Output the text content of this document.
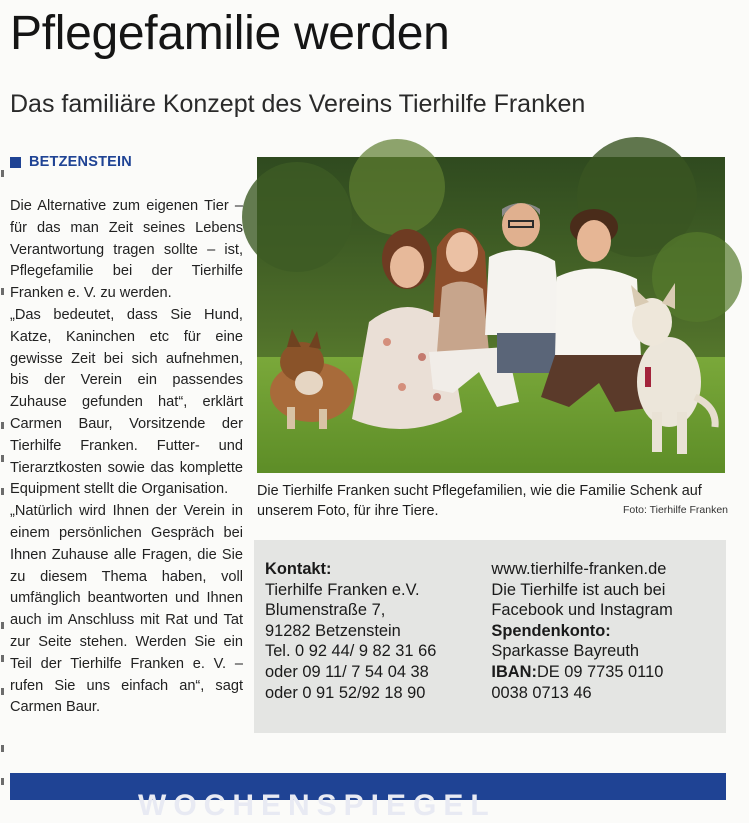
Pflegefamilie werden
Das familiäre Konzept des Vereins Tierhilfe Franken
BETZENSTEIN

Die Alternative zum eigenen Tier – für das man Zeit seines Lebens Verantwortung tragen sollte – ist, Pflegefamilie bei der Tierhilfe Franken e. V. zu werden.

„Das bedeutet, dass Sie Hund, Katze, Kaninchen etc für eine gewisse Zeit bei sich aufnehmen, bis der Verein ein passendes Zuhause gefunden hat“, erklärt Carmen Baur, Vorsitzende der Tierhilfe Franken. Futter- und Tierarztkosten sowie das komplette Equipment stellt die Organisation.

„Natürlich wird Ihnen der Verein in einem persönlichen Gespräch bei Ihnen Zuhause alle Fragen, die Sie zu diesem Thema haben, voll umfänglich beantworten und Ihnen auch im Anschluss mit Rat und Tat zur Seite stehen. Werden Sie ein Teil der Tierhilfe Franken e. V. – rufen Sie uns einfach an“, sagt Carmen Baur.

Die Tierhilfe Franken sucht Pflegefamilien, wie die Familie Schenk auf unserem Foto, für ihre Tiere.	Foto: Tierhilfe Franken
Kontakt:
Tierhilfe Franken e.V.
Blumenstraße 7,
91282 Betzenstein
Tel. 0 92 44/ 9 82 31 66
oder 09 11/ 7 54 04 38
oder 0 91 52/92 18 90
www.tierhilfe-franken.de
Die Tierhilfe ist auch bei
Facebook und Instagram
Spendenkonto:
Sparkasse Bayreuth
IBAN:DE 09 7735 0110
0038 0713 46
WOCHENSPIEGEL
